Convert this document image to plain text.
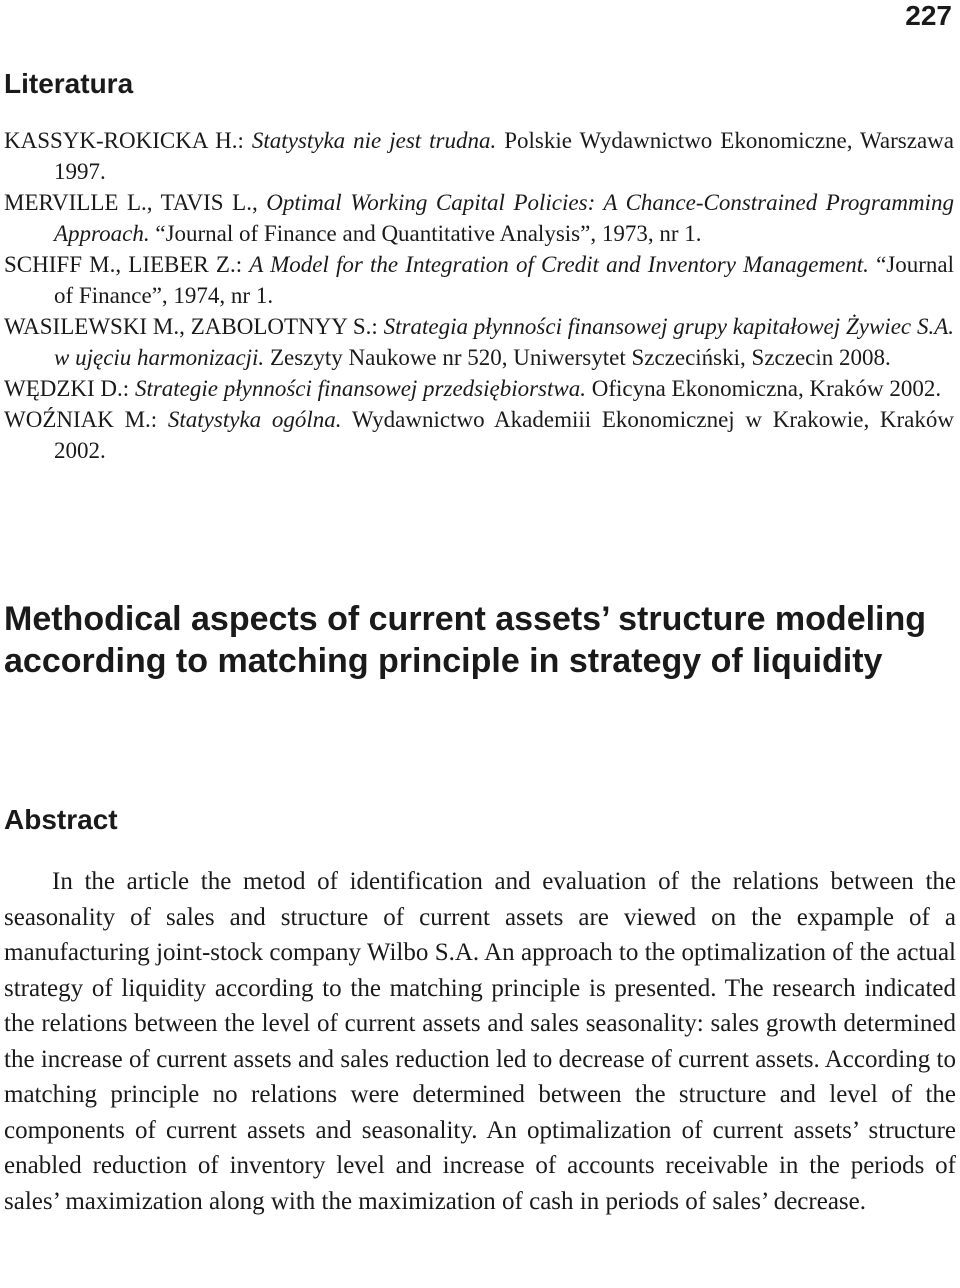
227
Literatura
KASSYK-ROKICKA H.: Statystyka nie jest trudna. Polskie Wydawnictwo Ekonomiczne, Warszawa 1997.
MERVILLE L., TAVIS L., Optimal Working Capital Policies: A Chance-Constrained Programming Approach. “Journal of Finance and Quantitative Analysis”, 1973, nr 1.
SCHIFF M., LIEBER Z.: A Model for the Integration of Credit and Inventory Management. “Journal of Finance”, 1974, nr 1.
WASILEWSKI M., ZABOLOTNYY S.: Strategia płynności finansowej grupy kapitałowej Żywiec S.A. w ujęciu harmonizacji. Zeszyty Naukowe nr 520, Uniwersytet Szczeciński, Szczecin 2008.
WĘDZKI D.: Strategie płynności finansowej przedsiębiorstwa. Oficyna Ekonomiczna, Kraków 2002.
WOŹNIAK M.: Statystyka ogólna. Wydawnictwo Akademiii Ekonomicznej w Krakowie, Kraków 2002.
Methodical aspects of current assets’ structure modeling according to matching principle in strategy of liquidity
Abstract

In the article the metod of identification and evaluation of the relations between the seasonality of sales and structure of current assets are viewed on the expample of a manufacturing joint-stock company Wilbo S.A. An approach to the optimalization of the actual strategy of liquidity according to the matching principle is presented. The research indicated the relations between the level of current assets and sales seasonality: sales growth determined the increase of current assets and sales reduction led to decrease of current assets. According to matching principle no relations were determined between the structure and level of the components of current assets and seasonality. An optimalization of current assets’ structure enabled reduction of inventory level and increase of accounts receivable in the periods of sales’ maximization along with the maximization of cash in periods of sales’ decrease.
